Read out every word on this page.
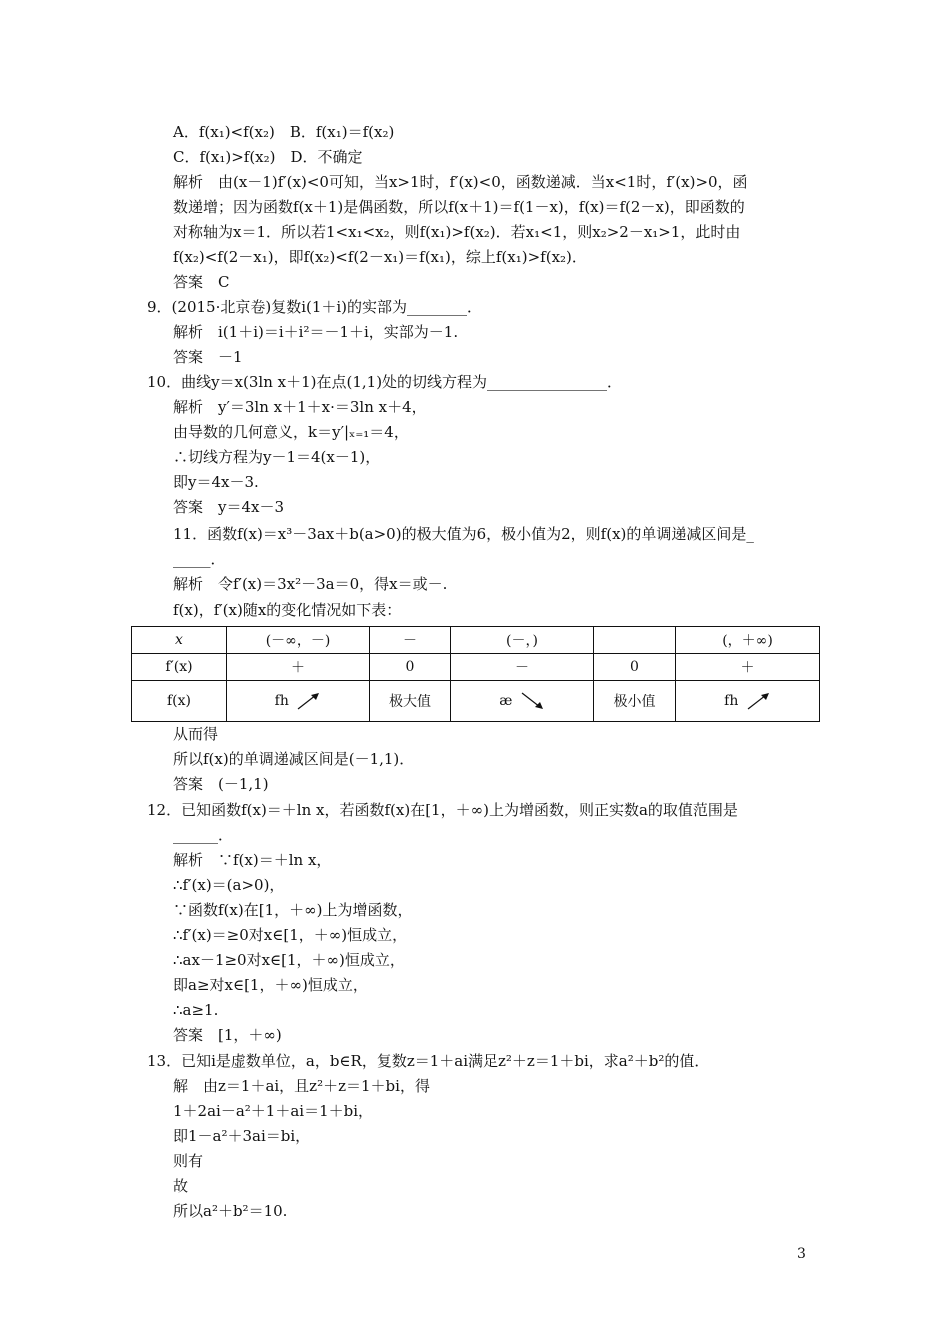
A．f(x₁)<f(x₂)　B．f(x₁)＝f(x₂)
C．f(x₁)>f(x₂)　D．不确定
解析　由(x－1)f′(x)<0可知，当x>1时，f′(x)<0，函数递减．当x<1时，f′(x)>0，函
数递增；因为函数f(x＋1)是偶函数，所以f(x＋1)＝f(1－x)，f(x)＝f(2－x)，即函数的
对称轴为x＝1．所以若1<x₁<x₂，则f(x₁)>f(x₂)．若x₁<1，则x₂>2－x₁>1，此时由
f(x₂)<f(2－x₁)，即f(x₂)<f(2－x₁)＝f(x₁)，综上f(x₁)>f(x₂)．
答案　C
9．(2015·北京卷)复数i(1＋i)的实部为________．
解析　i(1＋i)＝i＋i²＝－1＋i，实部为－1.
答案　－1
10．曲线y＝x(3ln x＋1)在点(1,1)处的切线方程为________________．
解析　y′＝3ln x＋1＋x·＝3ln x＋4，
由导数的几何意义，k＝y′|ₓ₌₁＝4，
∴切线方程为y－1＝4(x－1)，
即y＝4x－3.
答案　y＝4x－3
11．函数f(x)＝x³－3ax＋b(a>0)的极大值为6，极小值为2，则f(x)的单调递减区间是_
_____．
解析　令f′(x)＝3x²－3a＝0，得x＝或－.
f(x)，f′(x)随x的变化情况如下表：
x	(－∞，－)	－	(－，)		(，＋∞)
f′(x)	＋	0	－	0	＋
f(x)	fh	极大值	æ	极小值	fh
从而得
所以f(x)的单调递减区间是(－1,1)．
答案　(－1,1)
12．已知函数f(x)＝＋ln x，若函数f(x)在[1，＋∞)上为增函数，则正实数a的取值范围是
______．
解析　∵f(x)＝＋ln x，
∴f′(x)＝(a>0)，
∵函数f(x)在[1，＋∞)上为增函数，
∴f′(x)＝≥0对x∈[1，＋∞)恒成立，
∴ax－1≥0对x∈[1，＋∞)恒成立，
即a≥对x∈[1，＋∞)恒成立，
∴a≥1.
答案　[1，＋∞)
13．已知i是虚数单位，a，b∈R，复数z＝1＋ai满足z²＋z＝1＋bi，求a²＋b²的值．
解　由z＝1＋ai，且z²＋z＝1＋bi，得
1＋2ai－a²＋1＋ai＝1＋bi，
即1－a²＋3ai＝bi，
则有
故
所以a²＋b²＝10.
3
